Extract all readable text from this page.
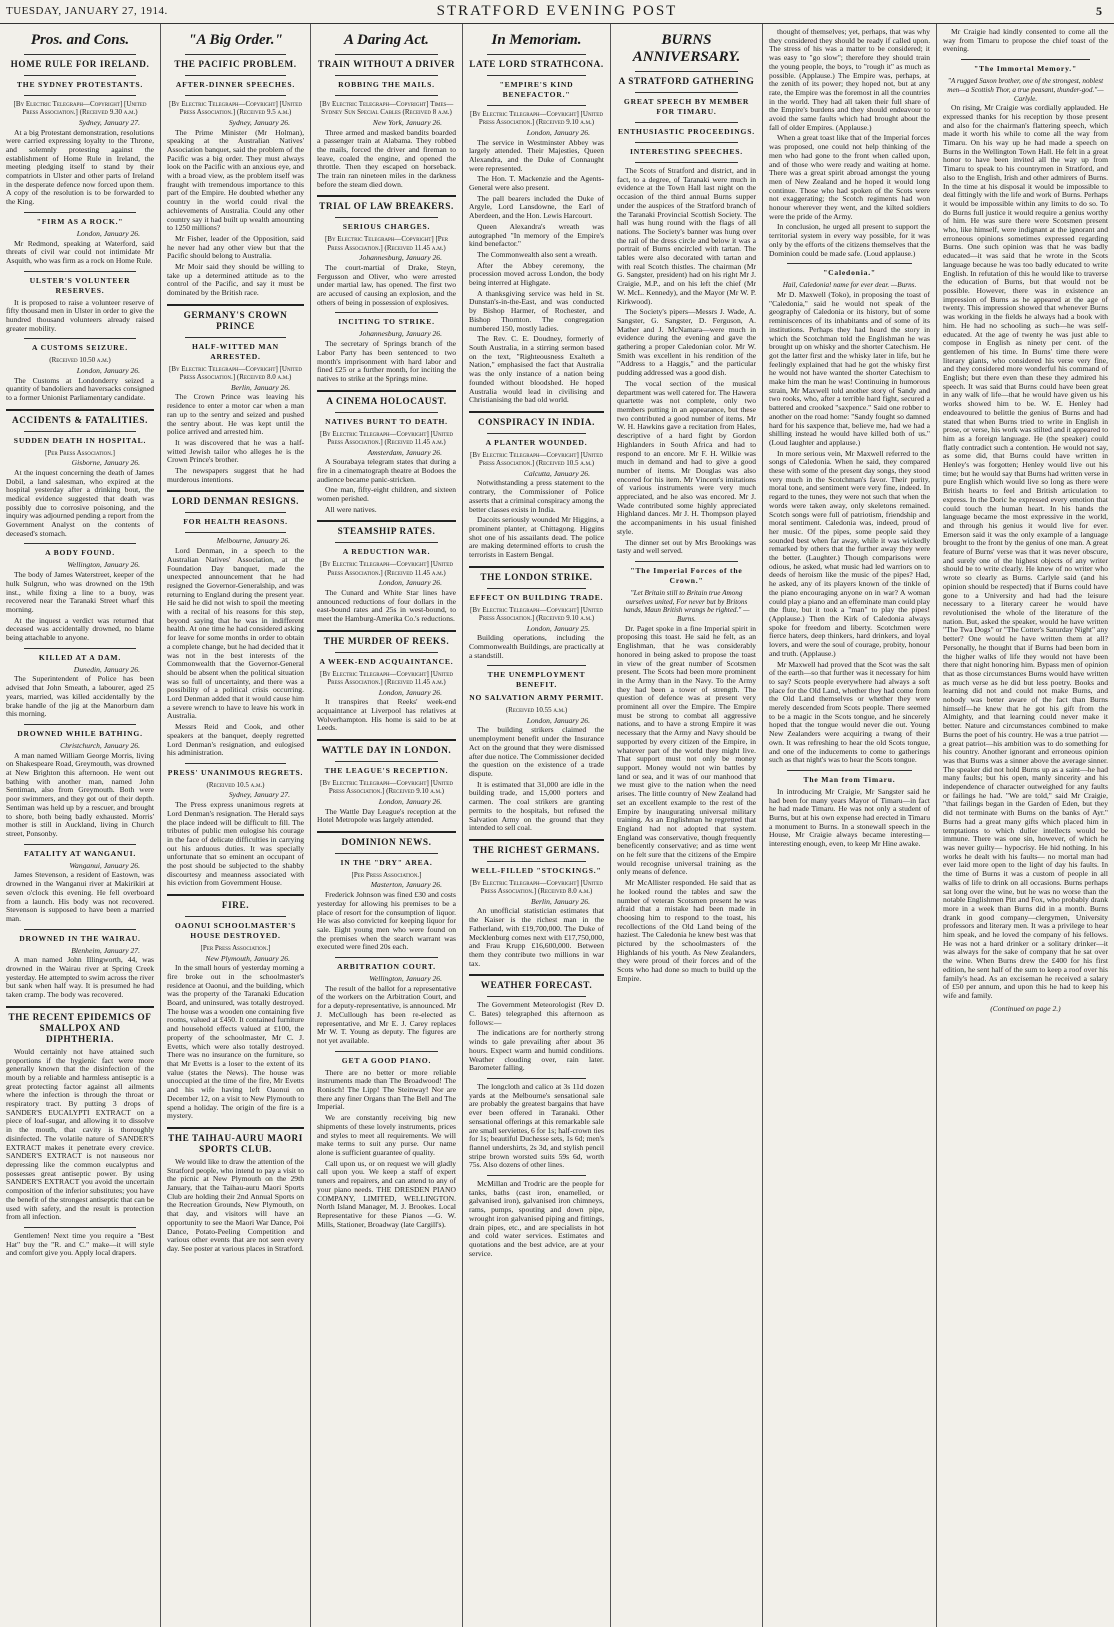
TUESDAY, JANUARY 27, 1914.	STRATFORD EVENING POST	5
Pros. and Cons.
HOME RULE FOR IRELAND.
THE SYDNEY PROTESTANTS.
[By Electric Telegraph—Copyright] [United Press Association.] (Received 9.30 a.m.)
Sydney, January 27.

At a big Protestant demonstration, resolutions were carried expressing loyalty to the Throne, and solemnly protesting against the establishment of Home Rule in Ireland, the meeting pledging itself to stand by their compatriots in Ulster and other parts of Ireland in the desperate defence now forced upon them. A copy of the resolution is to be forwarded to the King.

"FIRM AS A ROCK."
London, January 26.

Mr Redmond, speaking at Waterford, said threats of civil war could not intimidate Mr Asquith, who was firm as a rock on Home Rule.

ULSTER'S VOLUNTEER RESERVES.

It is proposed to raise a volunteer reserve of fifty thousand men in Ulster in order to give the hundred thousand volunteers already raised greater mobility.

A CUSTOMS SEIZURE.
(Received 10.50 a.m.)
London, January 26.

The Customs at Londonderry seized a quantity of bandoliers and haversacks consigned to a former Unionist Parliamentary candidate.

ACCIDENTS & FATALITIES.
SUDDEN DEATH IN HOSPITAL.
[Per Press Association.]
Gisborne, January 26.

At the inquest concerning the death of James Dobil, a land salesman, who expired at the hospital yesterday after a drinking bout, the medical evidence suggested that death was possibly due to corrosive poisoning, and the inquiry was adjourned pending a report from the Government Analyst on the contents of deceased's stomach.

A BODY FOUND.
Wellington, January 26.

The body of James Waterstreet, keeper of the hulk Sulgrun, who was drowned on the 19th inst., while fixing a line to a buoy, was recovered near the Taranaki Street wharf this morning.

At the inquest a verdict was returned that deceased was accidentally drowned, no blame being attachable to anyone.

KILLED AT A DAM.
Dunedin, January 26.

The Superintendent of Police has been advised that John Smeath, a labourer, aged 25 years, married, was killed accidentally by the brake handle of the jig at the Manorburn dam this morning.

DROWNED WHILE BATHING.
Christchurch, January 26.

A man named William George Morris, living on Shakespeare Road, Greymouth, was drowned at New Brighton this afternoon. He went out bathing with another man, named John Sentiman, also from Greymouth. Both were poor swimmers, and they got out of their depth. Sentiman was held up by a rescuer, and brought to shore, both being badly exhausted. Morris' mother is still in Auckland, living in Church street, Ponsonby.

FATALITY AT WANGANUI.
Wanganui, January 26.

James Stevenson, a resident of Eastown, was drowned in the Wanganui river at Makirikiri at seven o'clock this evening. He fell overboard from a launch. His body was not recovered. Stevenson is supposed to have been a married man.

DROWNED IN THE WAIRAU.
Blenheim, January 27.

A man named John Illingworth, 44, was drowned in the Wairau river at Spring Creek yesterday. He attempted to swim across the river but sank when half way. It is presumed he had taken cramp. The body was recovered.

THE RECENT EPIDEMICS OF SMALLPOX AND DIPHTHERIA.

Would certainly not have attained such proportions if the hygienic fact were more generally known that the disinfection of the mouth by a reliable and harmless antiseptic is a great protecting factor against all ailments where the infection is through the throat or respiratory tract. By putting 3 drops of SANDER'S EUCALYPTI EXTRACT on a piece of loaf-sugar, and allowing it to dissolve in the mouth, that cavity is thoroughly disinfected. The volatile nature of SANDER'S EXTRACT makes it penetrate every crevice. SANDER'S EXTRACT is not nauseous nor depressing like the common eucalyptus and possesses great antiseptic power. By using SANDER'S EXTRACT you avoid the uncertain composition of the inferior substitutes; you have the benefit of the strongest antiseptic that can be used with safety, and the result is protection from all infection.

Gentlemen! Next time you require a "Best Hat" buy the "R. and C." make—it will style and comfort give you. Apply local drapers.

"A Big Order."
THE PACIFIC PROBLEM.
AFTER-DINNER SPEECHES.
[By Electric Telegraph—Copyright] [United Press Association.] (Received 9.5 a.m.)
Sydney, January 26.

The Prime Minister (Mr Holman), speaking at the Australian Natives' Association banquet, said the problem of the Pacific was a big order. They must always look on the Pacific with an anxious eye, and with a broad view, as the problem itself was fraught with tremendous importance to this part of the Empire. He doubted whether any country in the world could rival the achievements of Australia. Could any other country say it had built up wealth amounting to 1250 millions?

Mr Fisher, leader of the Opposition, said he never had any other view but that the Pacific should belong to Australia.

Mr Moir said they should be willing to take up a determined attitude as to the control of the Pacific, and say it must be dominated by the British race.

GERMANY'S CROWN PRINCE
HALF-WITTED MAN ARRESTED.
[By Electric Telegraph—Copyright] [United Press Association.] (Received 8.0 a.m.)
Berlin, January 26.

The Crown Prince was leaving his residence to enter a motor car when a man ran up to the sentry and seized and pushed the sentry about. He was kept until the police arrived and arrested him.

It was discovered that he was a half-witted Jewish tailor who alleges he is the Crown Prince's brother.

The newspapers suggest that he had murderous intentions.

LORD DENMAN RESIGNS.
FOR HEALTH REASONS.
Melbourne, January 26.

Lord Denman, in a speech to the Australian Natives' Association, at the Foundation Day banquet, made the unexpected announcement that he had resigned the Governor-Generalship, and was returning to England during the present year. He said he did not wish to spoil the meeting with a recital of his reasons for this step, beyond saying that he was in indifferent health. At one time he had considered asking for leave for some months in order to obtain a complete change, but he had decided that it was not in the best interests of the Commonwealth that the Governor-General should be absent when the political situation was so full of uncertainty, and there was a possibility of a political crisis occurring. Lord Denman added that it would cause him a severe wrench to have to leave his work in Australia.

Messrs Reid and Cook, and other speakers at the banquet, deeply regretted Lord Denman's resignation, and eulogised his administration.

PRESS' UNANIMOUS REGRETS.
(Received 10.5 a.m.)
Sydney, January 27.

The Press express unanimous regrets at Lord Denman's resignation. The Herald says the place indeed will be difficult to fill. The tributes of public men eulogise his courage in the face of delicate difficulties in carrying out his arduous duties. It was specially unfortunate that so eminent an occupant of the post should be subjected to the shabby discourtesy and meanness associated with his eviction from Government House.

FIRE.
OAONUI SCHOOLMASTER'S HOUSE DESTROYED.
[Per Press Association.]
New Plymouth, January 26.

In the small hours of yesterday morning a fire broke out in the schoolmaster's residence at Oaonui, and the building, which was the property of the Taranaki Education Board, and uninsured, was totally destroyed. The house was a wooden one containing five rooms, valued at £450. It contained furniture and household effects valued at £100, the property of the schoolmaster, Mr C. J. Evetts, which were also totally destroyed. There was no insurance on the furniture, so that Mr Evetts is a loser to the extent of its value (states the News). The house was unoccupied at the time of the fire, Mr Evetts and his wife having left Oaonui on December 12, on a visit to New Plymouth to spend a holiday. The origin of the fire is a mystery.

THE TAIHAU-AURU MAORI SPORTS CLUB.

We would like to draw the attention of the Stratford people, who intend to pay a visit to the picnic at New Plymouth on the 29th January, that the Taihau-auru Maori Sports Club are holding their 2nd Annual Sports on the Recreation Grounds, New Plymouth, on that day, and visitors will have an opportunity to see the Maori War Dance, Poi Dance, Potato-Peeling Competition and various other events that are not seen every day. See poster at various places in Stratford.

A Daring Act.
TRAIN WITHOUT A DRIVER
ROBBING THE MAILS.
[By Electric Telegraph—Copyright] Times—Sydney Sun Special Cables (Received 8 a.m.)
New York, January 26.

Three armed and masked bandits boarded a passenger train at Alabama. They robbed the mails, forced the driver and fireman to leave, coaled the engine, and opened the throttle. Then they escaped on horseback. The train ran nineteen miles in the darkness before the steam died down.

TRIAL OF LAW BREAKERS.
SERIOUS CHARGES.
[By Electric Telegraph—Copyright] [Per Press Association.] (Received 11.45 a.m.)
Johannesburg, January 26.

The court-martial of Drake, Steyn, Fergusson and Oliver, who were arrested under martial law, has opened. The first two are accused of causing an explosion, and the others of being in possession of explosives.

INCITING TO STRIKE.
Johannesburg, January 26.

The secretary of Springs branch of the Labor Party has been sentenced to two month's imprisonment with hard labor and fined £25 or a further month, for inciting the natives to strike at the Springs mine.

A CINEMA HOLOCAUST.
NATIVES BURNT TO DEATH.
[By Electric Telegraph—Copyright] [United Press Association.] (Received 11.45 a.m.)
Amsterdam, January 26.

A Sourabaya telegram states that during a fire in a cinematograph theatre at Bodoes the audience became panic-stricken.

One man, fifty-eight children, and sixteen women perished.

All were natives.

STEAMSHIP RATES.
A REDUCTION WAR.
[By Electric Telegraph—Copyright] [United Press Association.] (Received 11.45 a.m.)
London, January 26.

The Cunard and White Star lines have announced reductions of four dollars in the east-bound rates and 25s in west-bound, to meet the Hamburg-Amerika Co.'s reductions.

THE MURDER OF REEKS.
A WEEK-END ACQUAINTANCE.
[By Electric Telegraph—Copyright] [United Press Association.] (Received 11.45 a.m.)
London, January 26.

It transpires that Reeks' week-end acquaintance at Liverpool has relatives at Wolverhampton. His home is said to be at Leeds.

WATTLE DAY IN LONDON.
THE LEAGUE'S RECEPTION.
[By Electric Telegraph—Copyright] [United Press Association.] (Received 9.10 a.m.)
London, January 26.

The Wattle Day League's reception at the Hotel Metropole was largely attended.

DOMINION NEWS.
IN THE "DRY" AREA.
[Per Press Association.]
Masterton, January 26.

Frederick Johnson was fined £30 and costs yesterday for allowing his premises to be a place of resort for the consumption of liquor. He was also convicted for keeping liquor for sale. Eight young men who were found on the premises when the search warrant was executed were fined 20s each.

ARBITRATION COURT.
Wellington, January 26.

The result of the ballot for a representative of the workers on the Arbitration Court, and for a deputy-representative, is announced. Mr J. McCullough has been re-elected as representative, and Mr E. J. Carey replaces Mr W. T. Young as deputy. The figures are not yet available.

GET A GOOD PIANO.

There are no better or more reliable instruments made than The Broadwood! The Ronisch! The Lipp! The Steinway! Nor are there any finer Organs than The Bell and The Imperial.

We are constantly receiving big new shipments of these lovely instruments, prices and styles to meet all requirements. We will make terms to suit any purse. Our name alone is sufficient guarantee of quality.

Call upon us, or on request we will gladly call upon you. We keep a staff of expert tuners and repairers, and can attend to any of your piano needs. THE DRESDEN PIANO COMPANY, LIMITED, WELLINGTON. North Island Manager, M. J. Brookes. Local Representative for these Pianos —G. W. Mills, Stationer, Broadway (late Cargill's).

In Memoriam.
LATE LORD STRATHCONA.
"EMPIRE'S KIND BENEFACTOR."
[By Electric Telegraph—Copyright] [United Press Association.] (Received 9.10 a.m.)
London, January 26.

The service in Westminster Abbey was largely attended. Their Majesties, Queen Alexandra, and the Duke of Connaught were represented.

The Hon. T. Mackenzie and the Agents-General were also present.

The pall bearers included the Duke of Argyle, Lord Lansdowne, the Earl of Aberdeen, and the Hon. Lewis Harcourt.

Queen Alexandra's wreath was autographed "In memory of the Empire's kind benefactor."

The Commonwealth also sent a wreath.

After the Abbey ceremony, the procession moved across London, the body being interred at Highgate.

A thanksgiving service was held in St. Dunstan's-in-the-East, and was conducted by Bishop Harmer, of Rochester, and Bishop Thornton. The congregation numbered 150, mostly ladies.

The Rev. C. E. Doudney, formerly of South Australia, in a stirring sermon based on the text, "Righteousness Exalteth a Nation," emphasised the fact that Australia was the only instance of a nation being founded without bloodshed. He hoped Australia would lead in civilising and Christianising the bad old world.

CONSPIRACY IN INDIA.
A PLANTER WOUNDED.
[By Electric Telegraph—Copyright] [United Press Association.] (Received 10.5 a.m.)
Calcutta, January 26.

Notwithstanding a press statement to the contrary, the Commissioner of Police asserts that a criminal conspiracy among the better classes exists in India.

Dacoits seriously wounded Mr Higgins, a prominent planter, at Chittagong. Higgins shot one of his assailants dead. The police are making determined efforts to crush the terrorists in Eastern Bengal.

THE LONDON STRIKE.
EFFECT ON BUILDING TRADE.
[By Electric Telegraph—Copyright] [United Press Association.] (Received 9.10 a.m.)
London, January 25.

Building operations, including the Commonwealth Buildings, are practically at a standstill.

THE UNEMPLOYMENT BENEFIT.
NO SALVATION ARMY PERMIT.
(Received 10.55 a.m.)
London, January 26.

The building strikers claimed the unemployment benefit under the Insurance Act on the ground that they were dismissed after due notice. The Commissioner decided the question on the existence of a trade dispute.

It is estimated that 31,000 are idle in the building trade, and 15,000 porters and carmen. The coal strikers are granting permits to the hospitals, but refused the Salvation Army on the ground that they intended to sell coal.

THE RICHEST GERMANS.
WELL-FILLED "STOCKINGS."
[By Electric Telegraph—Copyright] [United Press Association.] (Received 8.0 a.m.)
Berlin, January 26.

An unofficial statistician estimates that the Kaiser is the richest man in the Fatherland, with £19,700,000. The Duke of Mecklenburg comes next with £17,750,000, and Frau Krupp £16,600,000. Between them they contribute two millions in war tax.

WEATHER FORECAST.

The Government Meteorologist (Rev D. C. Bates) telegraphed this afternoon as follows:—

The indications are for northerly strong winds to gale prevailing after about 36 hours. Expect warm and humid conditions. Weather clouding over, rain later. Barometer falling.

The longcloth and calico at 3s 11d dozen yards at the Melbourne's sensational sale are probably the greatest bargains that have ever been offered in Taranaki. Other sensational offerings at this remarkable sale are small serviettes, 6 for 1s; half-crown ties for 1s; beautiful Duchesse sets, 1s 6d; men's flannel undershirts, 2s 3d, and stylish pencil stripe brown worsted suits 59s 6d, worth 75s. Also dozens of other lines.

McMillan and Trodric are the people for tanks, baths (cast iron, enamelled, or galvanised iron), galvanised iron chimneys, rams, pumps, spouting and down pipe, wrought iron galvanised piping and fittings, drain pipes, etc., and are specialists in hot and cold water services. Estimates and quotations and the best advice, are at your service.

BURNS ANNIVERSARY.
A STRATFORD GATHERING
GREAT SPEECH BY MEMBER FOR TIMARU.
ENTHUSIASTIC PROCEEDINGS.
INTERESTING SPEECHES.

The Scots of Stratford and district, and in fact, to a degree, of Taranaki were much in evidence at the Town Hall last night on the occasion of the third annual Burns supper under the auspices of the Stratford branch of the Taranaki Provincial Scottish Society. The hall was hung round with the flags of all nations. The Society's banner was hung over the rail of the dress circle and below it was a portrait of Burns encircled with tartan. The tables were also decorated with tartan and with real Scotch thistles. The chairman (Mr G. Sangster, president) had on his right Mr J. Craigie, M.P., and on his left the chief (Mr W. McL. Kennedy), and the Mayor (Mr W. P. Kirkwood).

The Society's pipers—Messrs J. Wade, A. Sangster, G. Sangster, D. Ferguson, A. Mather and J. McNamara—were much in evidence during the evening and gave the gathering a proper Caledonian color. Mr W. Smith was excellent in his rendition of the "Address to a Haggis," and the particular pudding addressed was a good dish.

The vocal section of the musical department was well catered for. The Hawera quartette was not complete, only two members putting in an appearance, but these two contributed a good number of items. Mr W. H. Hawkins gave a recitation from Hales, descriptive of a hard fight by Gordon Highlanders in South Africa and had to respond to an encore. Mr F. H. Wilkie was much in demand and had to give a good number of items. Mr Douglas was also encored for his item. Mr Vincent's imitations of various instruments were very much appreciated, and he also was encored. Mr J. Wade contributed some highly appreciated Highland dances. Mr J. H. Thompson played the accompaniments in his usual finished style.

The dinner set out by Mrs Brookings was tasty and well served.

"The Imperial Forces of the Crown."
"Let Britain still to Britain true Among ourselves united, For never but by Britons hands, Maun British wrangs be righted." —Burns.

Dr. Paget spoke in a fine Imperial spirit in proposing this toast. He said he felt, as an Englishman, that he was considerably honored in being asked to propose the toast in view of the great number of Scotsmen present. The Scots had been more prominent in the Army than in the Navy. To the Army they had been a tower of strength. The question of defence was at present very prominent all over the Empire. The Empire must be strong to combat all aggressive nations, and to have a strong Empire it was necessary that the Army and Navy should be supported by every citizen of the Empire, in whatever part of the world they might live. That support must not only be money support. Money would not win battles by land or sea, and it was of our manhood that we must give to the nation when the need arises. The little country of New Zealand had set an excellent example to the rest of the Empire by inaugurating universal military training. As an Englishman he regretted that England had not adopted that system. England was conservative, though frequently beneficently conservative; and as time went on he felt sure that the citizens of the Empire would recognise universal training as the only means of defence.

Mr McAllister responded. He said that as he looked round the tables and saw the number of veteran Scotsmen present he was afraid that a mistake had been made in choosing him to respond to the toast, his recollections of the Old Land being of the haziest. The Caledonia he knew best was that pictured by the schoolmasters of the Highlands of his youth. As New Zealanders, they were proud of their forces and of the Scots who had done so much to build up the Empire.

thought of themselves; yet, perhaps, that was why they considered they should be ready if called upon. The stress of his was a matter to be considered; it was easy to "go slow"; therefore they should train the young people, the boys, to "rough it" as much as possible. (Applause.) The Empire was, perhaps, at the zenith of its power; they hoped not, but at any rate, the Empire was the foremost in all the countries in the world. They had all taken their full share of the Empire's burdens and they should endeavour to avoid the same faults which had brought about the fall of older Empires. (Applause.)

When a great toast like that of the Imperial forces was proposed, one could not help thinking of the men who had gone to the front when called upon, and of those who were ready and waiting at home. There was a great spirit abroad amongst the young men of New Zealand and he hoped it would long continue. Those who had spoken of the Scots were not exaggerating; the Scotch regiments had won honour wherever they went, and the kilted soldiers were the pride of the Army.

In conclusion, he urged all present to support the territorial system in every way possible, for it was only by the efforts of the citizens themselves that the Dominion could be made safe. (Loud applause.)

"Caledonia."
Hail, Caledonia! name for ever dear. —Burns.

Mr D. Maxwell (Toko), in proposing the toast of "Caledonia," said he would not speak of the geography of Caledonia or its history, but of some reminiscences of its inhabitants and of some of its institutions. Perhaps they had heard the story in which the Scotchman told the Englishman he was brought up on whisky and the shorter Catechism. He got the latter first and the whisky later in life, but he feelingly explained that had he got the whisky first he would not have wanted the shorter Catechism to make him the man he was! Continuing in humorous strain, Mr Maxwell told another story of Sandy and two rooks, who, after a terrible hard fight, secured a battered and crooked "saxpence." Said one robber to another on the road home: "Sandy fought so damned hard for his saxpence that, believe me, had we had a shilling instead he would have killed both of us." (Loud laughter and applause.)

In more serious vein, Mr Maxwell referred to the songs of Caledonia. When he said, they compared these with some of the present day songs, they stood very much in the Scotchman's favor. Their purity, moral tone, and sentiment were very fine, indeed. In regard to the tunes, they were not such that when the words were taken away, only skeletons remained. Scotch songs were full of patriotism, friendship and moral sentiment. Caledonia was, indeed, proud of her music. Of the pipes, some people said they sounded best when far away, while it was wickedly remarked by others that the further away they were the better. (Laughter.) Though comparisons were odious, he asked, what music had led warriors on to deeds of heroism like the music of the pipes? Had, he asked, any of its players known of the tinkle of the piano encouraging anyone on in war? A woman could play a piano and an effeminate man could play the flute, but it took a "man" to play the pipes! (Applause.) Then the Kirk of Caledonia always spoke for freedom and liberty. Scotchmen were fierce haters, deep thinkers, hard drinkers, and loyal lovers, and were the soul of courage, probity, honour and truth. (Applause.)

Mr Maxwell had proved that the Scot was the salt of the earth—so that further was it necessary for him to say? Scots people everywhere had always a soft place for the Old Land, whether they had come from the Old Land themselves or whether they were merely descended from Scots people. There seemed to be a magic in the Scots tongue, and he sincerely hoped that the tongue would never die out. Young New Zealanders were acquiring a twang of their own. It was refreshing to hear the old Scots tongue, and one of the inducements to come to gatherings such as that night's was to hear the Scots tongue.

The Man from Timaru.

In introducing Mr Craigie, Mr Sangster said he had been for many years Mayor of Timaru—in fact he had made Timaru. He was not only a student of Burns, but at his own expense had erected in Timaru a monument to Burns. In a stonewall speech in the House, Mr Craigie always became interesting—interesting enough, even, to keep Mr Hine awake.

Mr Craigie had kindly consented to come all the way from Timaru to propose the chief toast of the evening.

"The Immortal Memory."
"A rugged Saxon brother, one of the strongest, noblest men—a Scottish Thor, a true peasant, thunder-god."—Carlyle.

On rising, Mr Craigie was cordially applauded. He expressed thanks for his reception by those present and also for the chairman's flattering speech, which made it worth his while to come all the way from Timaru. On his way up he had made a speech on Burns in the Wellington Town Hall. He felt in a great honor to have been invited all the way up from Timaru to speak to his countrymen in Stratford, and also to the English, Irish and other admirers of Burns. In the time at his disposal it would be impossible to deal fittingly with the life and work of Burns. Perhaps it would be impossible within any limits to do so. To do Burns full justice it would require a genius worthy of him. He was sure there were Scotsmen present who, like himself, were indignant at the ignorant and erroneous opinions sometimes expressed regarding Burns. One such opinion was that he was badly educated—it was said that he wrote in the Scots language because he was too badly educated to write English. In refutation of this he would like to traverse the education of Burns, but that would not be possible. However, there was in existence an impression of Burns as he appeared at the age of twenty. This impression showed that whenever Burns was working in the fields he always had a book with him. He had no schooling as such—he was self-educated. At the age of twenty he was just able to compose in English as ninety per cent. of the gentlemen of his time. In Burns' time there were literary giants, who considered his verse very fine, and they considered more wonderful his command of English; but there even than these they admired his speech. It was said that Burns could have been great in any walk of life—that he would have given us his works showed him to be. W. E. Henley had endeavoured to belittle the genius of Burns and had stated that when Burns tried to write in English in prose, or verse, his work was stilted and it appeared to him as a foreign language. He (the speaker) could flatly contradict such a contention. He would not say, as some did, that Burns could have written in Henley's was forgotten; Henley would live out his time; but he would say that Burns had written verse in pure English which would live so long as there were British hearts to feel and British articulation to express. In the Doric he expressed every emotion that could touch the human heart. In his hands the language became the most expressive in the world, and through his genius it would live for ever. Emerson said it was the only example of a language brought to the front by the genius of one man. A great feature of Burns' verse was that it was never obscure, and surely one of the highest objects of any writer should be to write clearly. He knew of no writer who wrote so clearly as Burns. Carlyle said (and his opinion should be respected) that if Burns could have gone to a University and had had the leisure necessary to a literary career he would have revolutionised the whole of the literature of the nation. But, asked the speaker, would he have written "The Twa Dogs" or "The Cotter's Saturday Night" any better? One would he have written them at all? Personally, he thought that if Burns had been born in the higher walks of life they would not have been there that night honoring him. Bypass men of opinion that as those circumstances Burns would have written as much verse as he did but less poetry. Books and learning did not and could not make Burns, and nobody was better aware of the fact than Burns himself—he knew that he got his gift from the Almighty, and that learning could never make it better. Nature and circumstances combined to make Burns the poet of his country. He was a true patriot —a great patriot—his ambition was to do something for his country. Another ignorant and erroneous opinion was that Burns was a sinner above the average sinner. The speaker did not hold Burns up as a saint—he had many faults; but his open, manly sincerity and his independence of character outweighed for any faults or failings he had. "We are told," said Mr Craigie, "that failings began in the Garden of Eden, but they did not terminate with Burns on the banks of Ayr." Burns had a great many gifts which placed him in temptations to which duller intellects would be immune. There was one sin, however, of which he was never guilty— hypocrisy. He hid nothing. In his works he dealt with his faults— no mortal man had ever laid more open to the light of day his faults. In the time of Burns it was a custom of people in all walks of life to drink on all occasions. Burns perhaps sat long over the wine, but he was no worse than the notable Englishmen Pitt and Fox, who probably drank more in a week than Burns did in a month. Burns drank in good company—clergymen, University professors and literary men. It was a privilege to hear him speak, and he loved the company of his fellows. He was not a hard drinker or a solitary drinker—it was always for the sake of company that he sat over the wine. When Burns drew the £400 for his first edition, he sent half of the sum to keep a roof over his family's head. As an exciseman he received a salary of £50 per annum, and upon this he had to keep his wife and family.

(Continued on page 2.)
